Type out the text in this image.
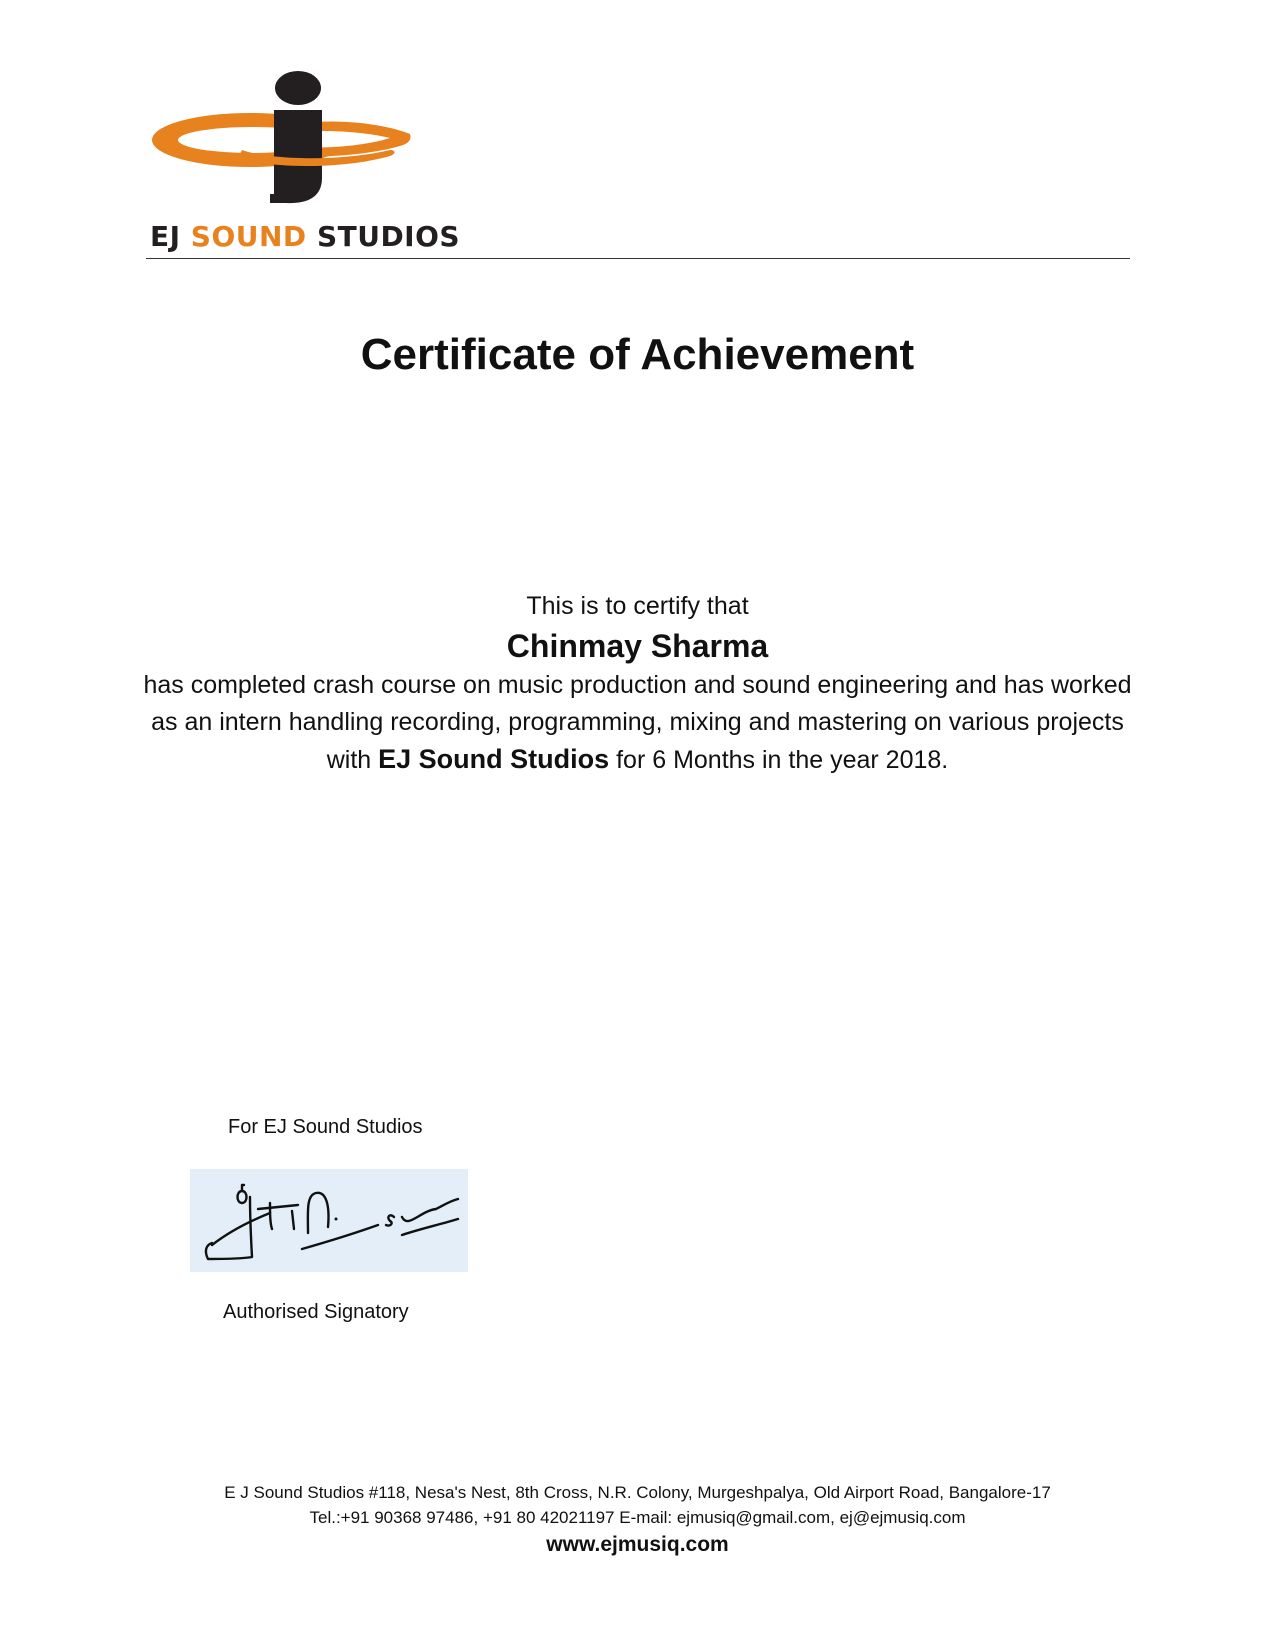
EJ SOUND STUDIOS
Certificate of Achievement
This is to certify that
Chinmay Sharma
has completed crash course on music production and sound engineering and has worked as an intern handling recording, programming, mixing and mastering on various projects with EJ Sound Studios for 6 Months in the year 2018.
For EJ Sound Studios
Authorised Signatory
E J Sound Studios #118, Nesa's Nest, 8th Cross, N.R. Colony, Murgeshpalya, Old Airport Road, Bangalore-17
Tel.:+91 90368 97486, +91 80 42021197 E-mail: ejmusiq@gmail.com, ej@ejmusiq.com
www.ejmusiq.com
